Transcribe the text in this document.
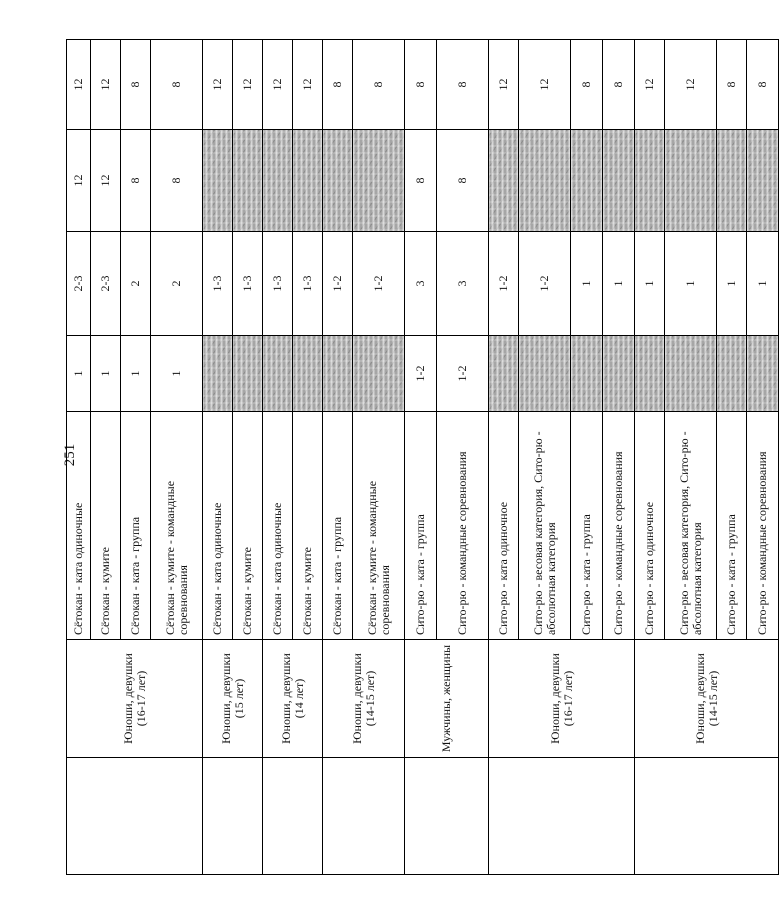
251
	Юноши, девушки (16-17 лет)	Сётокан - ката одиночные	1	2-3	12	12
		Сётокан - кумите	1	2-3	12	12
		Сётокан - ката - группа	1	2	8	8
		Сётокан - кумите - командные соревнования	1	2	8	8
	Юноши, девушки (15 лет)	Сётокан - ката одиночные		1-3		12
		Сётокан - кумите		1-3		12
	Юноши, девушки (14 лет)	Сётокан - ката одиночные		1-3		12
		Сётокан - кумите		1-3		12
	Юноши, девушки (14-15 лет)	Сётокан - ката - группа		1-2		8
		Сётокан - кумите - командные соревнования		1-2		8
	Мужчины, женщины	Сито-рю - ката - группа	1-2	3	8	8
		Сито-рю - командные соревнования	1-2	3	8	8
	Юноши, девушки (16-17 лет)	Сито-рю - ката одиночное		1-2		12
		Сито-рю - весовая категория, Сито-рю - абсолютная категория		1-2		12
		Сито-рю - ката - группа		1		8
		Сито-рю - командные соревнования		1		8
	Юноши, девушки (14-15 лет)	Сито-рю - ката одиночное		1		12
		Сито-рю - весовая категория, Сито-рю - абсолютная категория		1		12
		Сито-рю - ката - группа		1		8
		Сито-рю - командные соревнования		1		8
